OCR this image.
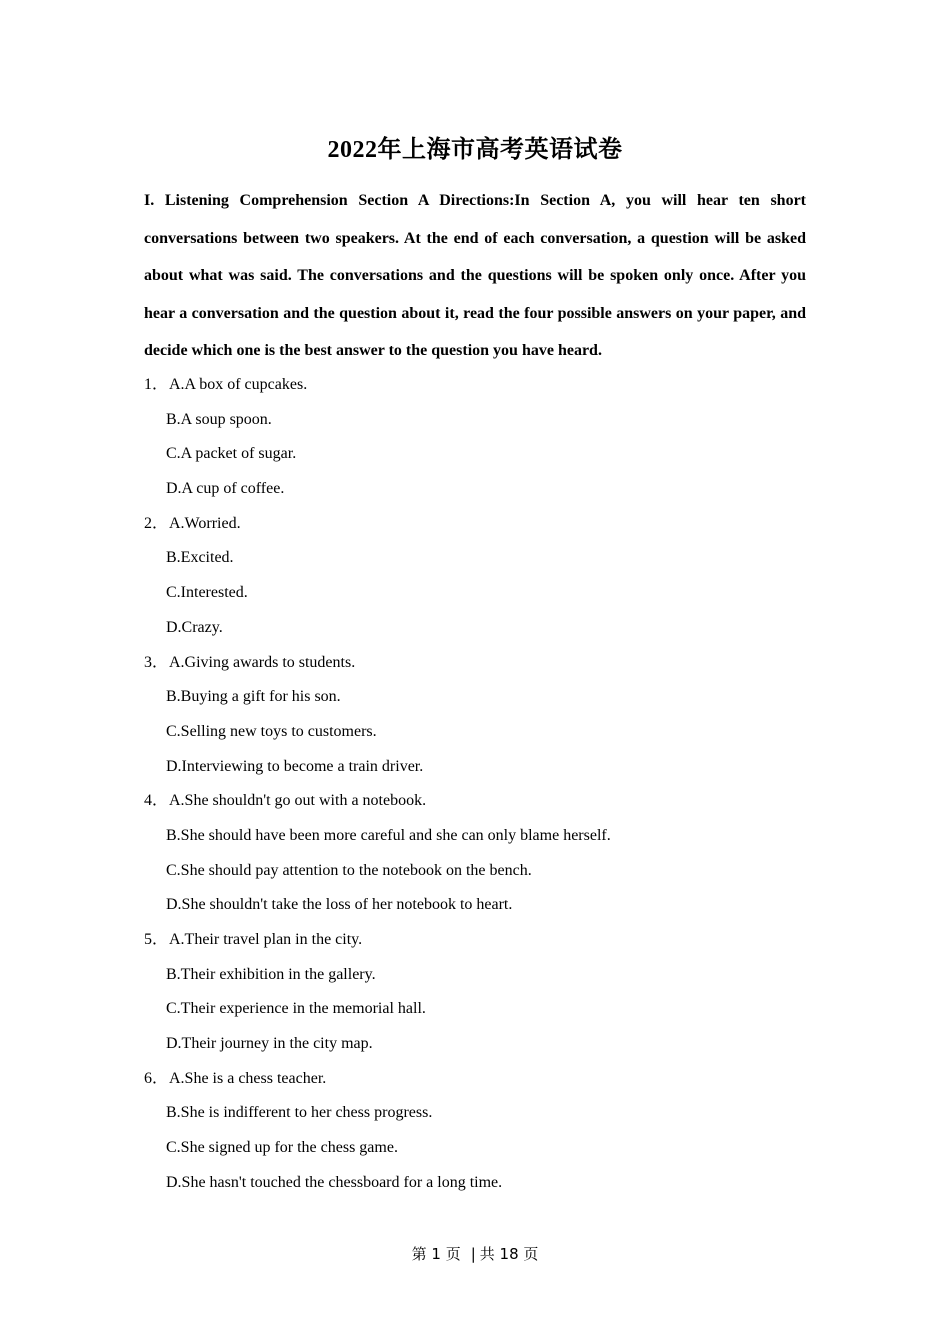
2022年上海市高考英语试卷
I. Listening Comprehension Section A Directions:In Section A, you will hear ten short conversations between two speakers. At the end of each conversation, a question will be asked about what was said. The conversations and the questions will be spoken only once. After you hear a conversation and the question about it, read the four possible answers on your paper, and decide which one is the best answer to the question you have heard.
1．A.A box of cupcakes.
B.A soup spoon.
C.A packet of sugar.
D.A cup of coffee.
2．A.Worried.
B.Excited.
C.Interested.
D.Crazy.
3．A.Giving awards to students.
B.Buying a gift for his son.
C.Selling new toys to customers.
D.Interviewing to become a train driver.
4．A.She shouldn't go out with a notebook.
B.She should have been more careful and she can only blame herself.
C.She should pay attention to the notebook on the bench.
D.She shouldn't take the loss of her notebook to heart.
5．A.Their travel plan in the city.
B.Their exhibition in the gallery.
C.Their experience in the memorial hall.
D.Their journey in the city map.
6．A.She is a chess teacher.
B.She is indifferent to her chess progress.
C.She signed up for the chess game.
D.She hasn't touched the chessboard for a long time.
第 1 页 | 共 18 页
